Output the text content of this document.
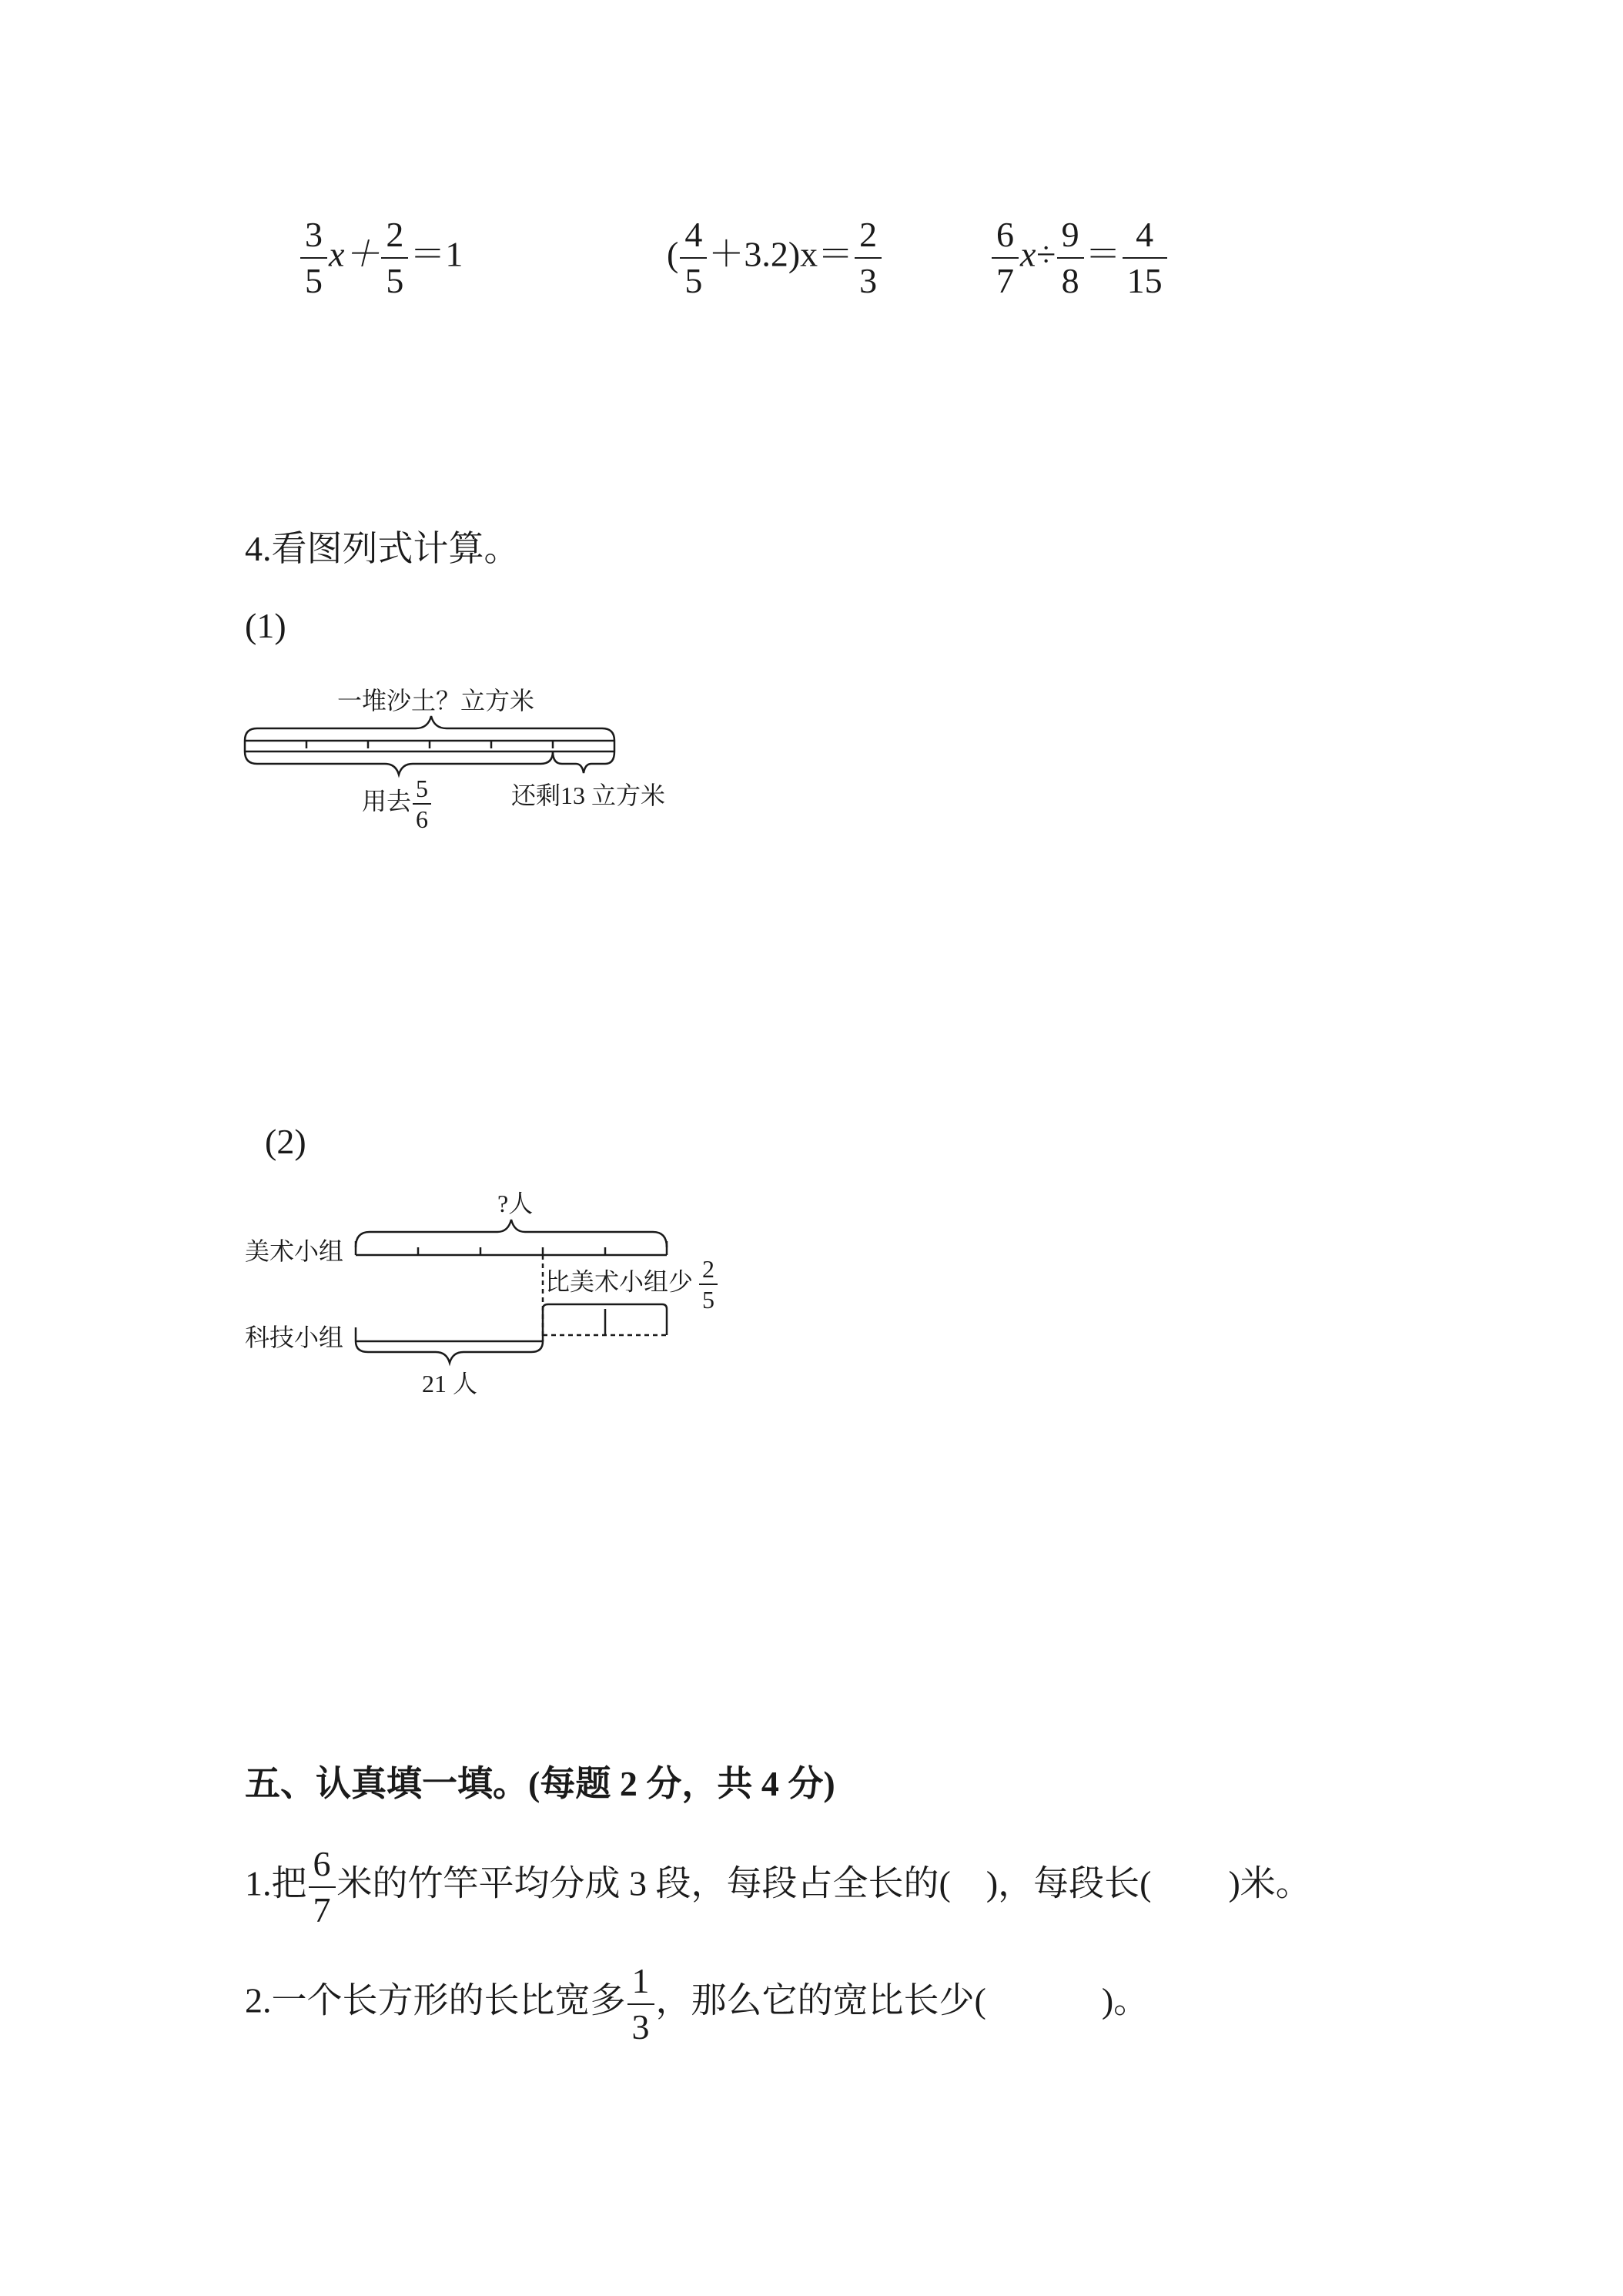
$\frac{3}{5} x+ \frac{2}{5} =1$	( $\frac{4}{5} +3.2)x= \frac{2}{3}$	$\frac{6}{7} x\div \frac{9}{8} = \frac{4}{15}$
4.看图列式计算。
(1)
一堆沙土？立方米
用去 $\frac{5}{6}$	还剩13 立方米
(2)
?人
美术小组
科技小组
比美术小组少 $\frac{2}{5}$
21 人
五、认真填一填。(每题 2 分，共 4 分)
1.把 $\frac{6}{7}$ 米的竹竿平均分成 3 段，每段占全长的( )，每段长( )米。
2.一个长方形的长比宽多 $\frac{1}{3}$ ，那么它的宽比长少(	)。
